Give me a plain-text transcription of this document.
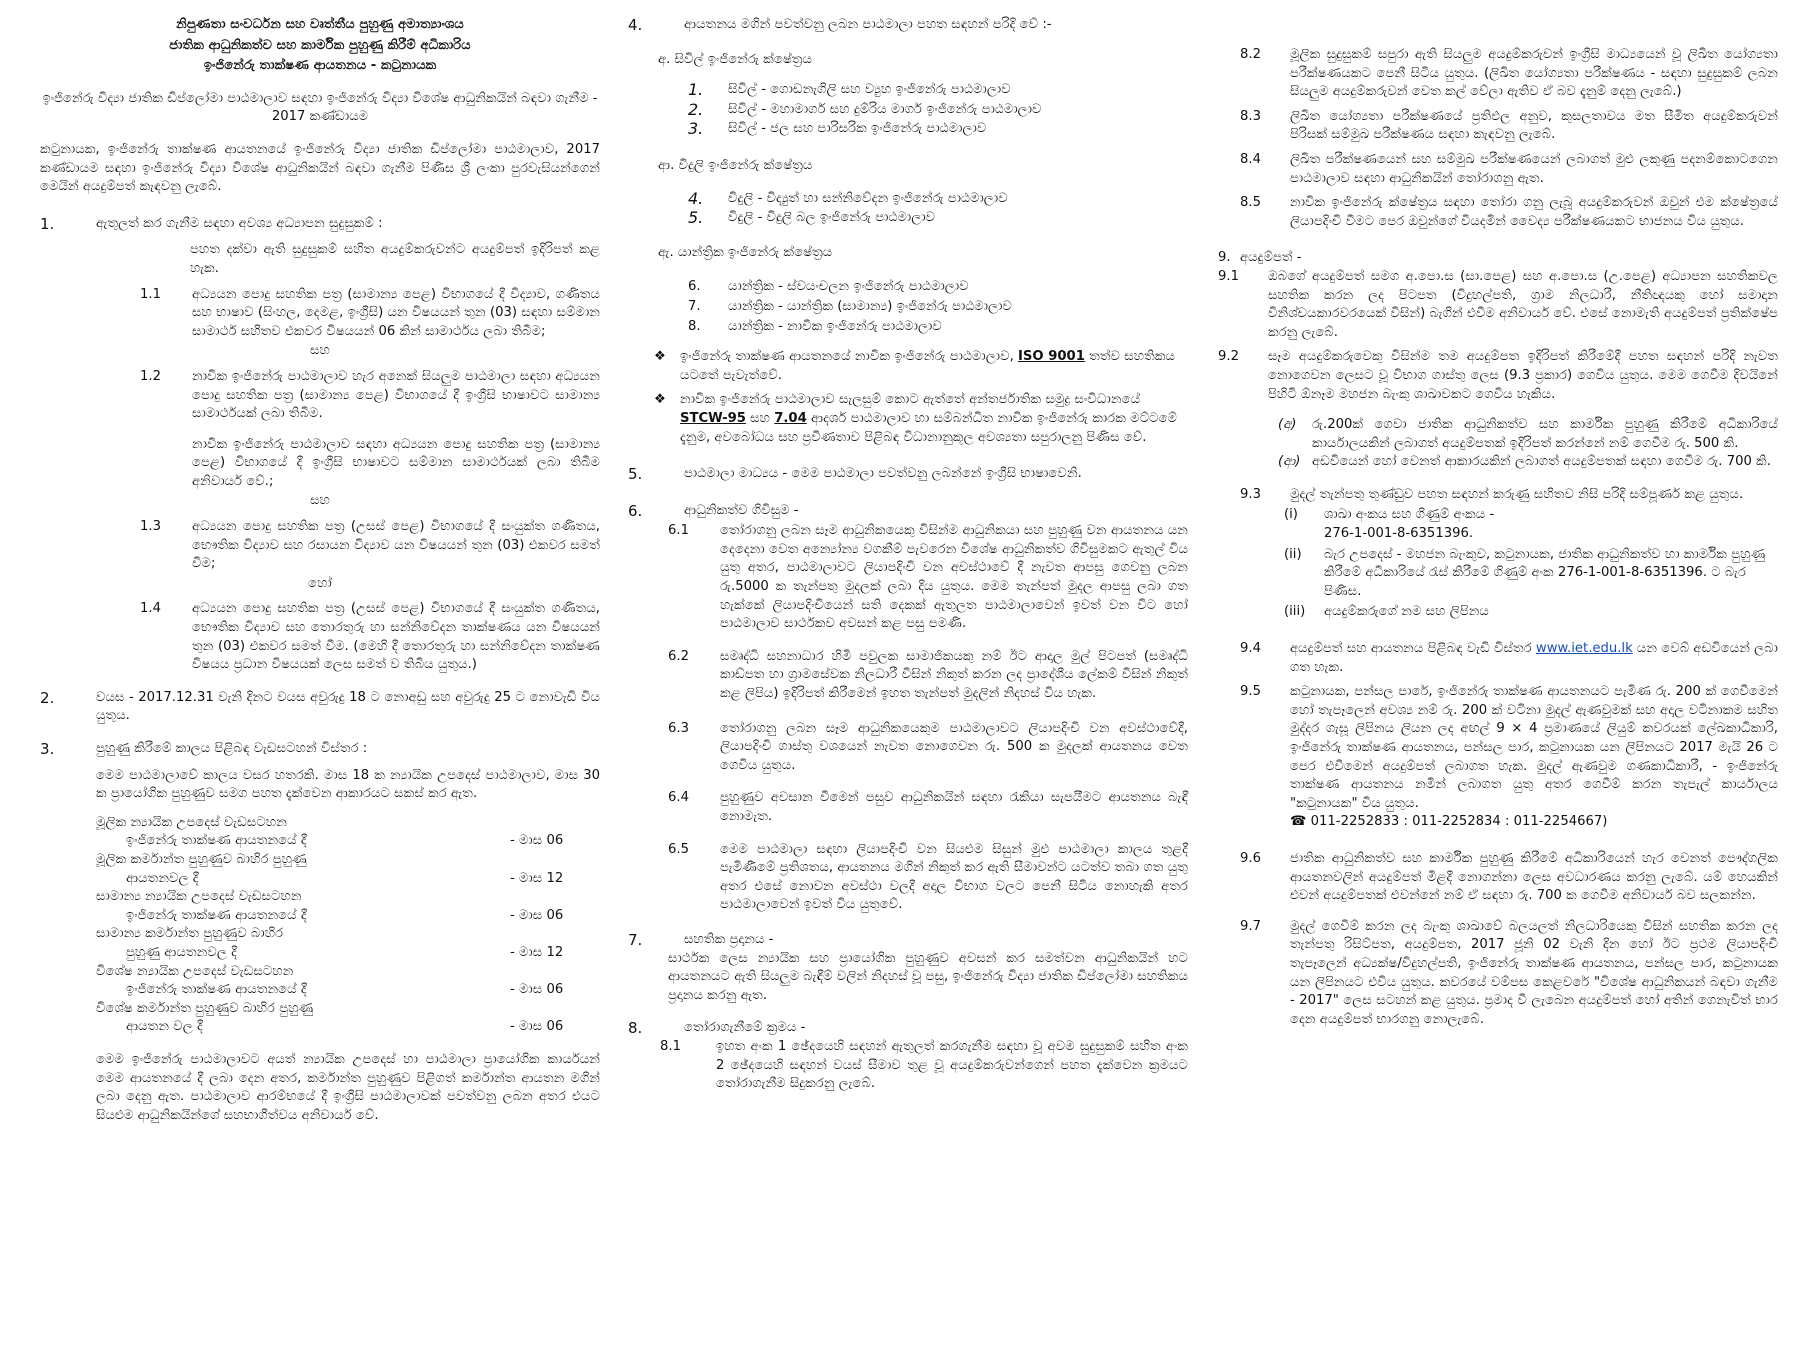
නිපුණතා සංවර්ධන සහ වෘත්තීය පුහුණු අමාත්‍යාංශය
ජාතික ආධුනිකත්ව සහ කාර්මික පුහුණු කිරීම් අධිකාරිය
ඉංජිනේරු තාක්ෂණ ආයතනය - කටුනායක
ඉංජිනේරු විද්‍යා ජාතික ඩිප්ලෝමා පාඨමාලාව සඳහා ඉංජිනේරු විද්‍යා විශේෂ ආධුනිකයින් බඳවා ගැනීම - 2017 කණ්ඩායම
කටුනායක, ඉංජිනේරු තාක්ෂණ ආයතනයේ ඉංජිනේරු විද්‍යා ජාතික ඩිප්ලෝමා පාඨමාලාව, 2017 කණ්ඩායම සඳහා ඉංජිනේරු විද්‍යා විශේෂ ආධුනිකයින් බඳවා ගැනීම පිණිස ශ්‍රී ලංකා පුරවැසියන්ගෙන් මෙයින් අයදුම්පත් කැඳවනු ලැබේ.
1.	ඇතුලත් කර ගැනීම සඳහා අවශ්‍ය අධ්‍යාපන සුදුසුකම් :
පහත දක්වා ඇති සුදුසුකම් සහිත අයදුම්කරුවන්ට අයදුම්පත් ඉදිරිපත් කළ හැක.
1.1	අධ්‍යයන පොදු සහතික පත්‍ර (සාමාන්‍ය පෙළ) විභාගයේ දී විද්‍යාව, ගණිතය සහ භාෂාව (සිංහල, දෙමළ, ඉංග්‍රීසි) යන විෂයයන් තුන (03) සඳහා සම්මාන සාමාර්ථ සහිතව එකවර විෂයයන් 06 කින් සාමාර්ථය ලබා තිබීම;
සහ
1.2	නාවික ඉංජිනේරු පාඨමාලාව හැර අනෙක් සියලුම පාඨමාලා සඳහා අධ්‍යයන පොදු සහතික පත්‍ර (සාමාන්‍ය පෙළ) විභාගයේ දී ඉංග්‍රීසි භාෂාවට සාමාන්‍ය සාමාර්ථයක් ලබා තිබීම.
නාවික ඉංජිනේරු පාඨමාලාව සඳහා අධ්‍යයන පොදු සහතික පත්‍ර (සාමාන්‍ය පෙළ) විභාගයේ දී ඉංග්‍රීසි භාෂාවට සම්මාන සාමාර්ථයක් ලබා තිබීම අනිවාර්ය වේ.;
සහ
1.3	අධ්‍යයන පොදු සහතික පත්‍ර (උසස් පෙළ) විභාගයේ දී සංයුක්ත ගණිතය, භෞතික විද්‍යාව සහ රසායන විද්‍යාව යන විෂයයන් තුන (03) එකවර සමත් වීම;
හෝ
1.4	අධ්‍යයන පොදු සහතික පත්‍ර (උසස් පෙළ) විභාගයේ දී සංයුක්ත ගණිතය, භෞතික විද්‍යාව සහ තොරතුරු හා සන්නිවේදන තාක්ෂණය යන විෂයයන් තුන (03) එකවර සමත් වීම. (මෙහි දී තොරතුරු හා සන්නිවේදන තාක්ෂණ විෂයය ප්‍රධාන විෂයයක් ලෙස සමත් ව තිබිය යුතුය.)
2.	වයස - 2017.12.31 වැනි දිනට වයස අවුරුදු 18 ට නොඅඩු සහ අවුරුදු 25 ට නොවැඩි විය යුතුය.
3.	පුහුණු කිරීමේ කාලය පිළිබඳ වැඩසටහන් විස්තර :
මෙම පාඨමාලාවේ කාලය වසර හතරකි. මාස 18 ක න්‍යායික උපදෙස් පාඨමාලාව, මාස 30 ක ප්‍රායෝගික පුහුණුව සමග පහත දැක්වෙන ආකාරයට සකස් කර ඇත.
මූලික න්‍යායික උපදෙස් වැඩසටහන
ඉංජිනේරු තාක්ෂණ ආයතනයේ දී	- මාස 06
මූලික කර්මාන්ත පුහුණුව බාහිර පුහුණු
ආයතනවල දී	- මාස 12
සාමාන්‍ය න්‍යායික උපදෙස් වැඩසටහන
ඉංජිනේරු තාක්ෂණ ආයතනයේ දී	- මාස 06
සාමාන්‍ය කර්මාන්ත පුහුණුව බාහිර
පුහුණු ආයතනවල දී	- මාස 12
විශේෂ න්‍යායික උපදෙස් වැඩසටහන
ඉංජිනේරු තාක්ෂණ ආයතනයේ දී	- මාස 06
විශේෂ කර්මාන්ත පුහුණුව බාහිර පුහුණු
ආයතන වල දී	- මාස 06
මෙම ඉංජිනේරු පාඨමාලාවට අයත් න්‍යායික උපදෙස් හා පාඨමාලා ප්‍රායෝගික කාර්යයන් මෙම ආයතනයේ දී ලබා දෙන අතර, කර්මාන්ත පුහුණුව පිළිගත් කර්මාන්ත ආයතන මගින් ලබා දෙනු ඇත. පාඨමාලාව ආරම්භයේ දී ඉංග්‍රීසි පාඨමාලාවක් පවත්වනු ලබන අතර එයට සියළුම ආධුනිකයින්ගේ සහභාගීත්වය අනිවාර්ය වේ.
4.	ආයතනය මගින් පවත්වනු ලබන පාඨමාලා පහත සඳහන් පරිදි වේ :-
අ. සිවිල් ඉංජිනේරු ක්ෂේත්‍රය
1.	සිවිල් - ගොඩනැගිලි සහ ව්‍යුහ ඉංජිනේරු පාඨමාලාව
2.	සිවිල් - මහාමාර්ග සහ දුම්රිය මාර්ග ඉංජිනේරු පාඨමාලාව
3.	සිවිල් - ජල සහ පාරිසරික ඉංජිනේරු පාඨමාලාව
ආ. විදුලි ඉංජිනේරු ක්ෂේත්‍රය
4.	විදුලි - විද්‍යුත් හා සන්නිවේදන ඉංජිනේරු පාඨමාලාව
5.	විදුලි - විදුලි බල ඉංජිනේරු පාඨමාලාව
ඇ. යාන්ත්‍රික ඉංජිනේරු ක්ෂේත්‍රය
6.	යාන්ත්‍රික - ස්වයංචලන ඉංජිනේරු පාඨමාලාව
7.	යාන්ත්‍රික - යාන්ත්‍රික (සාමාන්‍ය) ඉංජිනේරු පාඨමාලාව
8.	යාන්ත්‍රික - නාවික ඉංජිනේරු පාඨමාලාව
❖	ඉංජිනේරු තාක්ෂණ ආයතනයේ නාවික ඉංජිනේරු පාඨමාලාව, ISO 9001 තත්ව සහතිකය යටතේ පැවැත්වේ.
❖	නාවික ඉංජිනේරු පාඨමාලාව සැලසුම් කොට ඇත්තේ අන්තර්ජාතික සමුද්‍ර සංවිධානයේ STCW-95 සහ 7.04 ආදර්ශ පාඨමාලාව හා සම්බන්ධිත නාවික ඉංජිනේරු කාරක මට්ටමේ දැනුම, අවබෝධය සහ ප්‍රවීණතාව පිළිබඳ විධානානුකූල අවශ්‍යතා සපුරාලනු පිණිස වේ.
5.	පාඨමාලා මාධ්‍යය - මෙම පාඨමාලා පවත්වනු ලබන්නේ ඉංග්‍රීසි භාෂාවෙනි.
6.	ආධුනිකත්ව ගිවිසුම -
6.1	තෝරාගනු ලබන සෑම ආධුනිකයෙකු විසින්ම ආධුනිකයා සහ පුහුණු වන ආයතනය යන දෙදෙනා වෙත අන්‍යෝන්‍ය වගකීම් පැවරෙන විශේෂ ආධුනිකත්ව ගිවිසුමකට ඇතුල් විය යුතු අතර, පාඨමාලාවට ලියාපදිංචි වන අවස්ථාවේ දී නැවත ආපසු ගෙවනු ලබන රු.5000 ක තැන්පතු මුදලක් ලබා දිය යුතුය. මෙම තැන්පත් මුදල ආපසු ලබා ගත හැක්කේ ලියාපදිංචියෙන් සති දෙකක් ඇතුලත පාඨමාලාවෙන් ඉවත් වන විට හෝ පාඨමාලාව සාර්ථකව අවසන් කළ පසු පමණි.
6.2	සමෘද්ධි සහනාධාර හිමි පවුලක සාමාජිකයකු නම් ඊට ආදාල මුල් පිටපත් (සමෘද්ධි කාඩ්පත හා ග්‍රාමසේවක නිලධාරී විසින් නිකුත් කරන ලද ප්‍රාදේශීය ලේකම් විසින් නිකුත් කළ ලිපිය) ඉදිරිපත් කිරීමෙන් ඉහත තැන්පත් මුදලින් නිදහස් විය හැක.
6.3	තෝරාගනු ලබන සෑම ආධුනිකයෙකුම පාඨමාලාවට ලියාපදිංචි වන අවස්ථාවේදී, ලියාපදිංචි ගාස්තු වශයෙන් නැවත නොගෙවන රු. 500 ක මුදලක් ආයතනය වෙත ගෙවිය යුතුය.
6.4	පුහුණුව අවසාන වීමෙන් පසුව ආධුනිකයින් සඳහා රැකියා සැපයීමට ආයතනය බැඳී නොමැත.
6.5	මෙම පාඨමාලා සඳහා ලියාපදිංචි වන සියළුම සිසුන් මුළු පාඨමාලා කාලය තුළදී පැමිණීමේ ප්‍රතිශතය, ආයතනය මගින් නිකුත් කර ඇති සීමාවන්ට යටත්ව තබා ගත යුතු අතර එසේ නොවන අවස්ථා වලදී අදාල විභාග වලට පෙනී සිටිය නොහැකි අතර පාඨමාලාවෙන් ඉවත් විය යුතුවේ.
7.	සහතික ප්‍රදානය -
සාර්ථක ලෙස න්‍යායික සහ ප්‍රායෝගික පුහුණුව අවසන් කර සමත්වන ආධුනිකයින් හට ආයතනයට ඇති සියලුම බැඳීම් වලින් නිදහස් වූ පසු, ඉංජිනේරු විද්‍යා ජාතික ඩිප්ලෝමා සහතිකය ප්‍රදානය කරනු ඇත.
8.	තෝරාගැනීමේ ක්‍රමය -
8.1	ඉහත අංක 1 ඡේදයෙහි සඳහන් ඇතුලත් කරගැනීම සඳහා වූ අවම සුදුසුකම් සහිත අංක 2 ඡේදයෙහි සඳහන් වයස් සීමාව තුළ වූ අයදුම්කරුවන්ගෙන් පහත දැක්වෙන ක්‍රමයට තෝරාගැනීම සිදුකරනු ලැබේ.
8.2	මූලික සුදුසුකම් සපුරා ඇති සියලුම අයදුම්කරුවන් ඉංග්‍රීසි මාධ්‍යයෙන් වූ ලිඛිත යෝග්‍යතා පරීක්ෂණයකට පෙනී සිටිය යුතුය. (ලිඛිත යෝග්‍යතා පරීක්ෂණය - සඳහා සුදුසුකම් ලබන සියලුම අයදුම්කරුවන් වෙත කල් වේලා ඇතිව ඒ බව දැනුම් දෙනු ලැබේ.)
8.3	ලිඛිත යෝග්‍යතා පරීක්ෂණයේ ප්‍රතිඵල අනුව, කුසලතාවය මත සීමිත අයදුම්කරුවන් පිරිසක් සම්මුඛ පරීක්ෂණය සඳහා කැඳවනු ලැබේ.
8.4	ලිඛිත පරීක්ෂණයෙන් සහ සම්මුඛ පරීක්ෂණයෙන් ලබාගත් මුළු ලකුණු පදනම්කොටගෙන පාඨමාලාව සඳහා ආධුනිකයින් තෝරාගනු ඇත.
8.5	නාවික ඉංජිනේරු ක්ෂේත්‍රය සඳහා තෝරා ගනු ලැබූ අයදුම්කරුවන් ඔවුන් එම ක්ෂේත්‍රයේ ලියාපදිංචි වීමට පෙර ඔවුන්ගේ වියදමින් වෛද්‍ය පරීක්ෂණයකට භාජනය විය යුතුය.
9. අයදුම්පත් -
9.1	ඔබගේ අයදුම්පත් සමග අ.පො.ස (සා.පෙළ) සහ අ.පො.ස (උ.පෙළ) අධ්‍යාපන සහතිකවල සහතික කරන ලද පිටපත (විදුහල්පති, ග්‍රාම නිලධාරී, නීතිඥයකු හෝ සමාදාන විනිශ්චයකාරවරයෙක් විසින්) බැගින් එවීම අනිවාර්ය වේ. එසේ නොමැති අයදුම්පත් ප්‍රතික්ෂේප කරනු ලැබේ.
9.2	සෑම අයදුම්කරුවෙකු විසින්ම තම අයදුම්පත ඉදිරිපත් කිරීමේදී පහත සඳහන් පරිදි නැවත නොගෙවන ලෙසට වූ විභාග ගාස්තු ලෙස (9.3 ප්‍රකාර) ගෙවිය යුතුය. මෙම ගෙවීම දිවයිනේ පිහිටි ඕනෑම මහජන බැංකු ශාඛාවකට ගෙවිය හැකිය.
(අ)	රු.200ක් ගෙවා ජාතික ආධුනිකත්ව සහ කාර්මික පුහුණු කිරීමේ අධිකාරියේ කාර්යාලයකින් ලබාගත් අයදුම්පතක් ඉදිරිපත් කරන්නේ නම් ගෙවීම රු. 500 කි.
(ආ) අඩවියෙන් හෝ වෙනත් ආකාරයකින් ලබාගත් අයදුම්පතක් සඳහා ගෙවීම රු. 700 කි.
9.3	මුදල් තැන්පතු තුණ්ඩුව පහත සඳහන් කරුණු සහිතව නිසි පරිදි සම්පූර්ණ කළ යුතුය.
(i)	ශාඛා අංකය සහ ගිණුම් අංකය -
276-1-001-8-6351396.
(ii)	බැර උපදෙස් - මහජන බැංකුව, කටුනායක, ජාතික ආධුනිකත්ව හා කාර්මික පුහුණු කිරීමේ අධිකාරියේ රැස් කිරීමේ ගිණුම් අංක 276-1-001-8-6351396. ට බැර පිණිස.
(iii)	අයදුම්කරුගේ නම සහ ලිපිනය
9.4	අයදුම්පත් සහ ආයතනය පිළිබඳ වැඩි විස්තර www.iet.edu.lk යන වෙබ් අඩවියෙන් ලබා ගත හැක.
9.5	කටුනායක, පන්සල පාරේ, ඉංජිනේරු තාක්ෂණ ආයතනයට පැමිණ රු. 200 ක් ගෙවීමෙන් හෝ තැපෑලෙන් අවශ්‍ය නම් රු. 200 ක් වටිනා මුදල් ඇණවුමක් සහ අදාල වටිනාකම සහිත මුද්දර ගැසූ ලිපිනය ලියන ලද අඟල් 9 × 4 ප්‍රමාණයේ ලියුම් කවරයක් ලේඛකාධිකාරි, ඉංජිනේරු තාක්ෂණ ආයතනය, පන්සල පාර, කටුනායක යන ලිපිනයට 2017 මැයි 26 ට පෙර එවීමෙන් අයදුම්පත් ලබාගත හැක. මුදල් ඇණවුම ගණකාධිකාරී, - ඉංජිනේරු තාක්ෂණ ආයතනය නමින් ලබාගත යුතු අතර ගෙවීම් කරන තැපැල් කාර්යාලය "කටුනායක" විය යුතුය.
☎ 011-2252833 : 011-2252834 : 011-2254667)
9.6	ජාතික ආධුනිකත්ව සහ කාර්මික පුහුණු කිරීමේ අධිකාරියෙන් හැර වෙනත් පෞද්ගලික ආයතනවලින් අයදුම්පත් මිළදී නොගන්නා ලෙස අවධාරණය කරනු ලැබේ. යම් හෙයකින් එවන් අයදුම්පතක් එවන්නේ නම් ඒ සඳහා රු. 700 ක ගෙවීම අනිවාර්ය බව සලකන්න.
9.7	මුදල් ගෙවීම් කරන ලද බැංකු ශාඛාවේ බලයලත් නිලධාරියෙකු විසින් සහතික කරන ලද තැන්පතු රිසිට්පත, අයදුම්පත, 2017 ජූනි 02 වැනි දින හෝ ඊට ප්‍රථම ලියාපදිංචි තැපෑලෙන් අධ්‍යක්ෂ/විදුහල්පති, ඉංජිනේරු තාක්ෂණ ආයතනය, පන්සල පාර, කටුනායක යන ලිපිනයට එවිය යුතුය. කවරයේ වම්පස කෙළවරේ "විශේෂ ආධුනිකයන් බඳවා ගැනීම - 2017" ලෙස සටහන් කළ යුතුය. ප්‍රමාද වී ලැබෙන අයදුම්පත් හෝ අතින් ගෙනැවිත් භාර දෙන අයදුම්පත් භාරගනු නොලැබේ.
